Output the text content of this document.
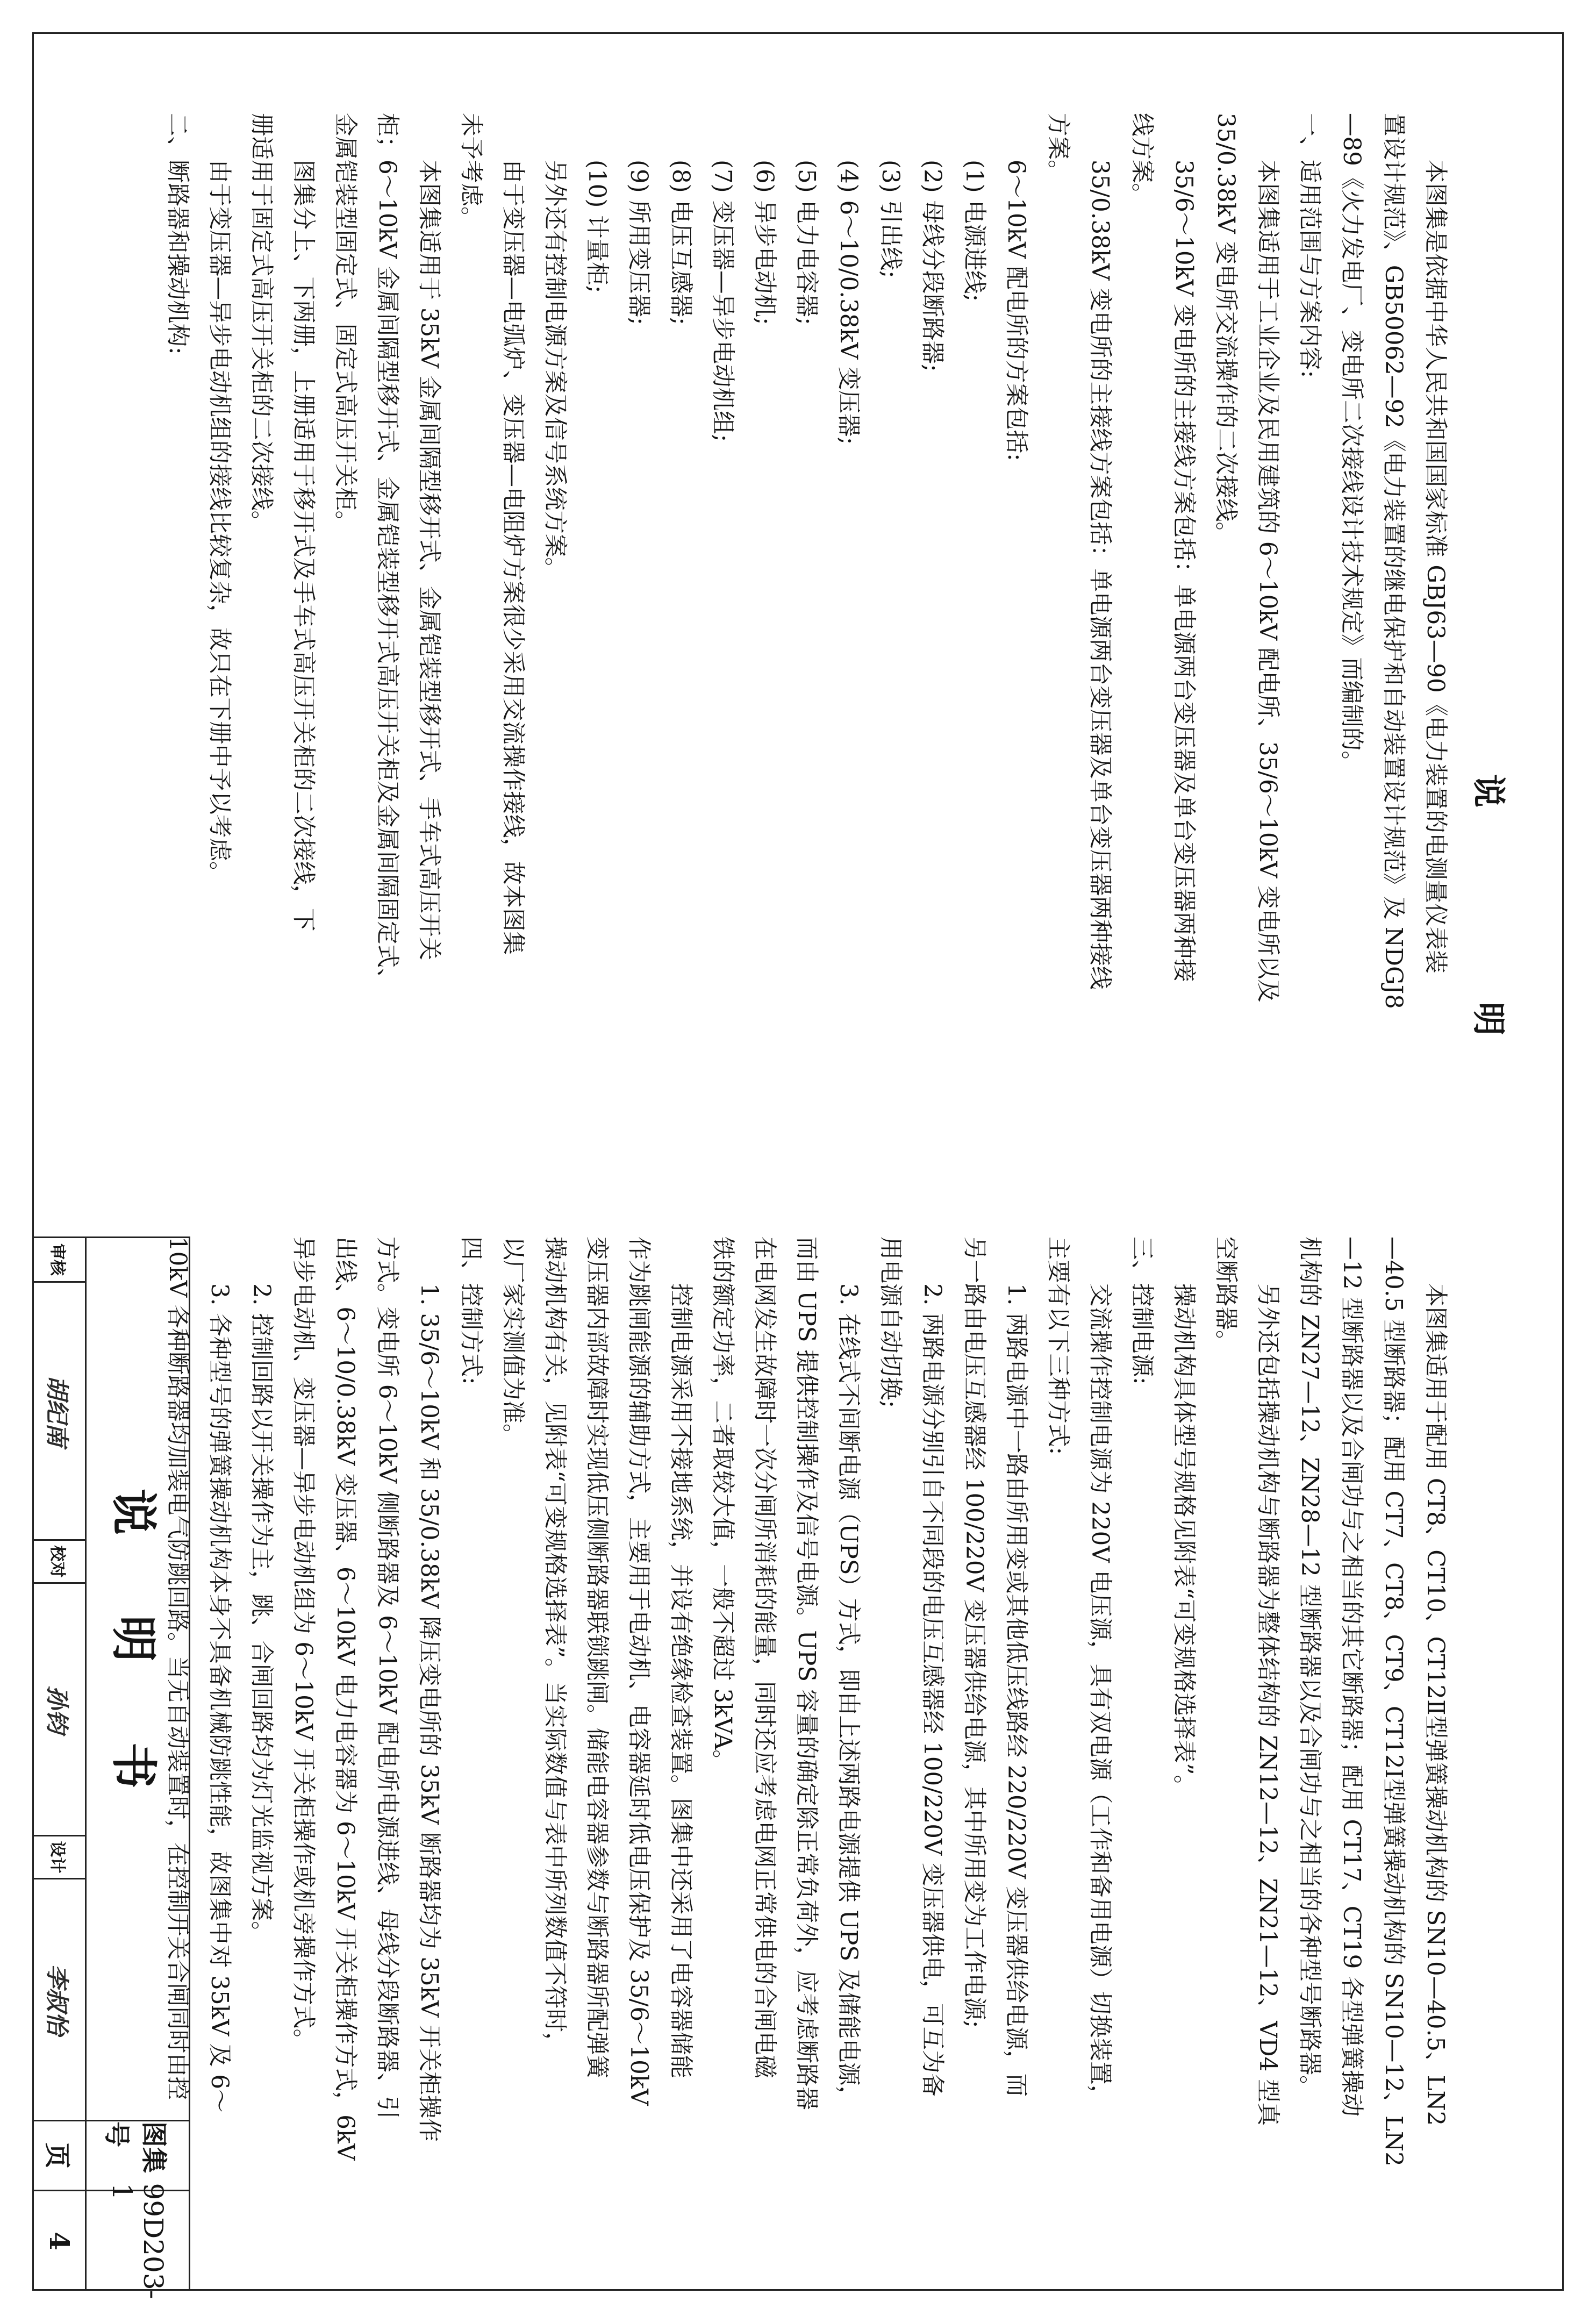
说　明

本图集是依据中华人民共和国国家标准 GBJ63—90《电力装置的电测量仪表装

置设计规范》、GB50062—92《电力装置的继电保护和自动装置设计规范》及 NDGJ8

—89《火力发电厂、变电所二次接线设计技术规定》而编制的。

一、适用范围与方案内容:

本图集适用于工业企业及民用建筑的 6～10kV 配电所、35/6～10kV 变电所以及

35/0.38kV 变电所交流操作的二次接线。

35/6～10kV 变电所的主接线方案包括：单电源两台变压器及单台变压器两种接

线方案。

35/0.38kV 变电所的主接线方案包括：单电源两台变压器及单台变压器两种接线

方案。

6～10kV 配电所的方案包括:

(1) 电源进线;

(2) 母线分段断路器;

(3) 引出线;

(4) 6～10/0.38kV 变压器;

(5) 电力电容器;

(6) 异步电动机;

(7) 变压器—异步电动机组;

(8) 电压互感器;

(9) 所用变压器;

(10) 计量柜;

另外还有控制电源方案及信号系统方案。

由于变压器—电弧炉、变压器—电阻炉方案很少采用交流操作接线，故本图集

未予考虑。

本图集适用于 35kV 金属间隔型移开式、金属铠装型移开式、手车式高压开关

柜；6～10kV 金属间隔型移开式、金属铠装型移开式高压开关柜及金属间隔固定式、

金属铠装型固定式、固定式高压开关柜。

图集分上、下两册，上册适用于移开式及手车式高压开关柜的二次接线，下

册适用于固定式高压开关柜的二次接线。

由于变压器—异步电动机组的接线比较复杂，故只在下册中予以考虑。

二、断路器和操动机构:

本图集适用于配用 CT8、CT10、CT12Ⅱ型弹簧操动机构的 SN10—40.5、LN2

—40.5 型断路器；配用 CT7、CT8、CT9、CT12Ⅰ型弹簧操动机构的 SN10—12、LN2

—12 型断路器以及合闸功与之相当的其它断路器；配用 CT17、CT19 各型弹簧操动

机构的 ZN27—12、ZN28—12 型断路器以及合闸功与之相当的各种型号断路器。

另外还包括操动机构与断路器为整体结构的 ZN12—12、ZN21—12、VD4 型真

空断路器。

操动机构具体型号规格见附表“可变规格选择表”。

三、控制电源:

交流操作控制电源为 220V 电压源，具有双电源（工作和备用电源）切换装置，

主要有以下三种方式:

1. 两路电源中一路由所用变或其他低压线路经 220/220V 变压器供给电源，而

另一路由电压互感器经 100/220V 变压器供给电源，其中所用变为工作电源;

2. 两路电源分别引自不同段的电压互感器经 100/220V 变压器供电，可互为备

用电源自动切换;

3. 在线式不间断电源（UPS）方式，即由上述两路电源提供 UPS 及储能电源，

而由 UPS 提供控制操作及信号电源。UPS 容量的确定除正常负荷外，应考虑断路器

在电网发生故障时一次分闸所消耗的能量，同时还应考虑电网正常供电的合闸电磁

铁的额定功率，二者取较大值，一般不超过 3kVA。

控制电源采用不接地系统，并设有绝缘检查装置。图集中还采用了电容器储能

作为跳闸能源的辅助方式，主要用于电动机、电容器延时低电压保护及 35/6～10kV

变压器内部故障时实现低压侧断路器联锁跳闸。储能电容器参数与断路器所配弹簧

操动机构有关，见附表“可变规格选择表”。当实际数值与表中所列数值不符时，

以厂家实测值为准。

四、控制方式:

1. 35/6～10kV 和 35/0.38kV 降压变电所的 35kV 断路器均为 35kV 开关柜操作

方式。变电所 6～10kV 侧断路器及 6～10kV 配电所电源进线、母线分段断路器、引

出线、6～10/0.38kV 变压器、6～10kV 电力电容器为 6～10kV 开关柜操作方式，6kV

异步电动机、变压器—异步电动机组为 6～10kV 开关柜操作或机旁操作方式。

2. 控制回路以开关操作为主，跳、合闸回路均为灯光监视方案。

3. 各种型号的弹簧操动机构本身不具备机械防跳性能，故图集中对 35kV 及 6～

10kV 各种断路器均加装电气防跳回路。当无自动装置时，在控制开关合闸同时由控

说明书
图集号
99D203-1
审核
胡纪南
校对
孙钧
设计
李叔怡
页
4
